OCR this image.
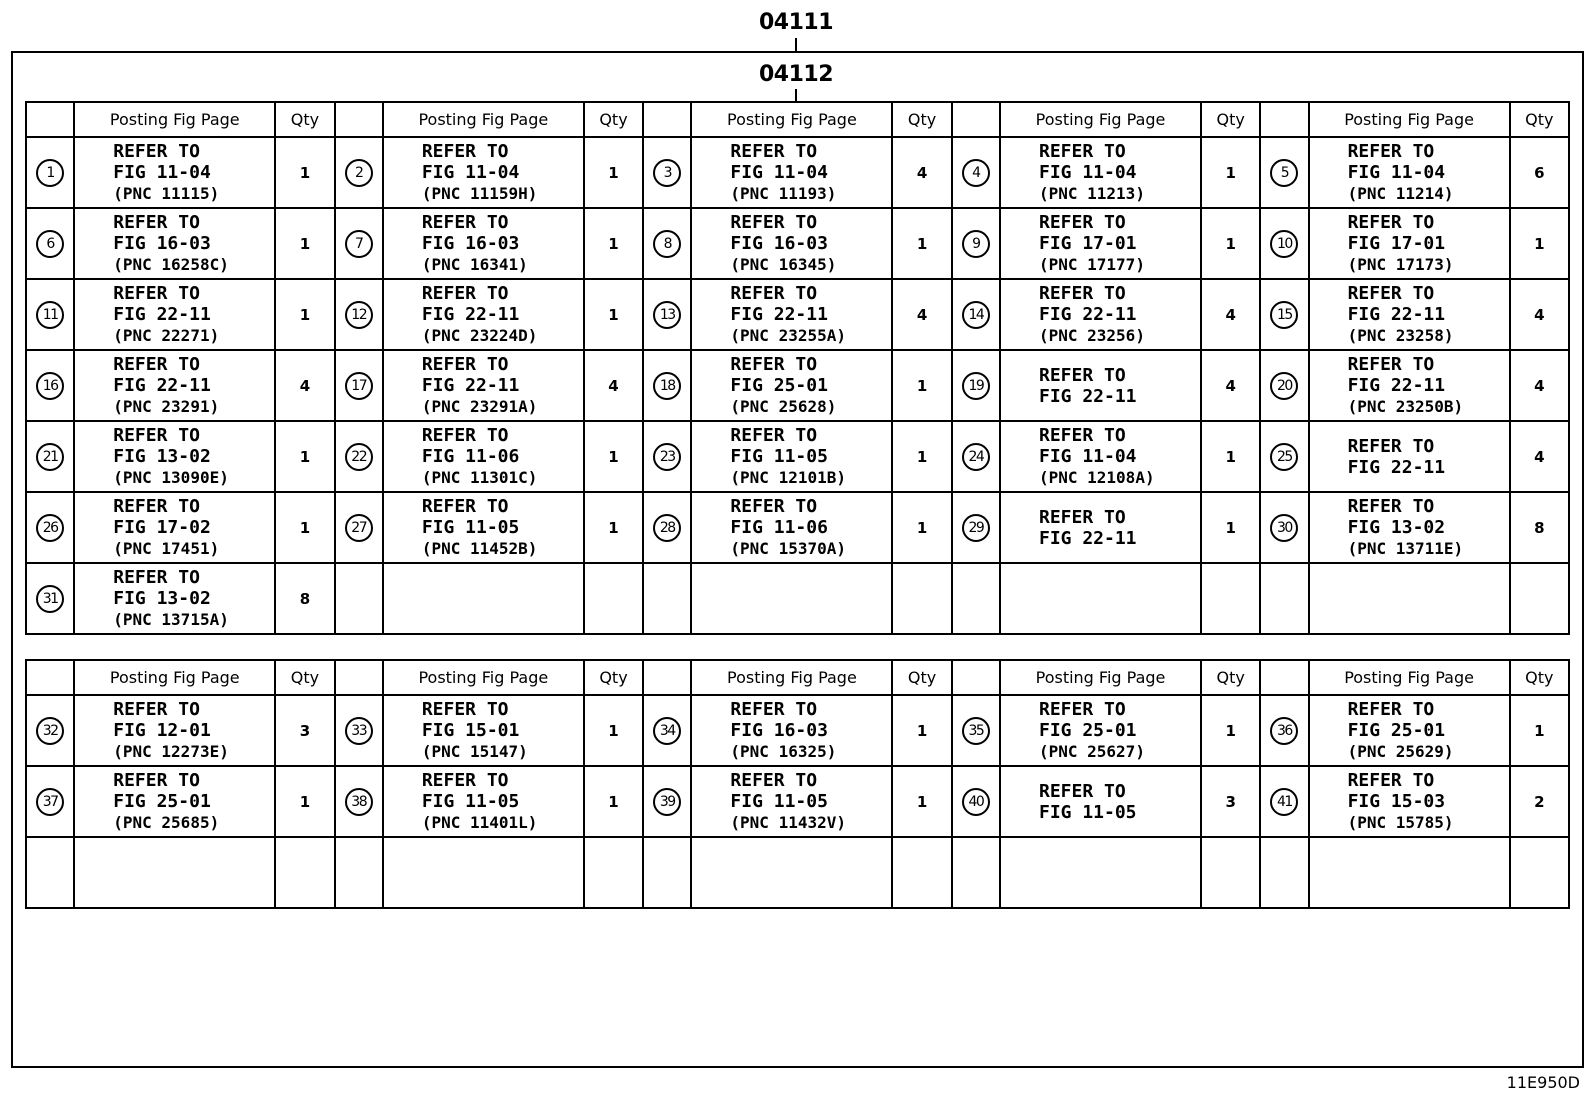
04111
04112
	Posting Fig Page	Qty		Posting Fig Page	Qty		Posting Fig Page	Qty		Posting Fig Page	Qty		Posting Fig Page	Qty
1	REFER TO
FIG 11-04
(PNC 11115)	1	2	REFER TO
FIG 11-04
(PNC 11159H)	1	3	REFER TO
FIG 11-04
(PNC 11193)	4	4	REFER TO
FIG 11-04
(PNC 11213)	1	5	REFER TO
FIG 11-04
(PNC 11214)	6
6	REFER TO
FIG 16-03
(PNC 16258C)	1	7	REFER TO
FIG 16-03
(PNC 16341)	1	8	REFER TO
FIG 16-03
(PNC 16345)	1	9	REFER TO
FIG 17-01
(PNC 17177)	1	10	REFER TO
FIG 17-01
(PNC 17173)	1
11	REFER TO
FIG 22-11
(PNC 22271)	1	12	REFER TO
FIG 22-11
(PNC 23224D)	1	13	REFER TO
FIG 22-11
(PNC 23255A)	4	14	REFER TO
FIG 22-11
(PNC 23256)	4	15	REFER TO
FIG 22-11
(PNC 23258)	4
16	REFER TO
FIG 22-11
(PNC 23291)	4	17	REFER TO
FIG 22-11
(PNC 23291A)	4	18	REFER TO
FIG 25-01
(PNC 25628)	1	19	REFER TO
FIG 22-11	4	20	REFER TO
FIG 22-11
(PNC 23250B)	4
21	REFER TO
FIG 13-02
(PNC 13090E)	1	22	REFER TO
FIG 11-06
(PNC 11301C)	1	23	REFER TO
FIG 11-05
(PNC 12101B)	1	24	REFER TO
FIG 11-04
(PNC 12108A)	1	25	REFER TO
FIG 22-11	4
26	REFER TO
FIG 17-02
(PNC 17451)	1	27	REFER TO
FIG 11-05
(PNC 11452B)	1	28	REFER TO
FIG 11-06
(PNC 15370A)	1	29	REFER TO
FIG 22-11	1	30	REFER TO
FIG 13-02
(PNC 13711E)	8
31	REFER TO
FIG 13-02
(PNC 13715A)	8												
	Posting Fig Page	Qty		Posting Fig Page	Qty		Posting Fig Page	Qty		Posting Fig Page	Qty		Posting Fig Page	Qty
32	REFER TO
FIG 12-01
(PNC 12273E)	3	33	REFER TO
FIG 15-01
(PNC 15147)	1	34	REFER TO
FIG 16-03
(PNC 16325)	1	35	REFER TO
FIG 25-01
(PNC 25627)	1	36	REFER TO
FIG 25-01
(PNC 25629)	1
37	REFER TO
FIG 25-01
(PNC 25685)	1	38	REFER TO
FIG 11-05
(PNC 11401L)	1	39	REFER TO
FIG 11-05
(PNC 11432V)	1	40	REFER TO
FIG 11-05	3	41	REFER TO
FIG 15-03
(PNC 15785)	2

11E950D
